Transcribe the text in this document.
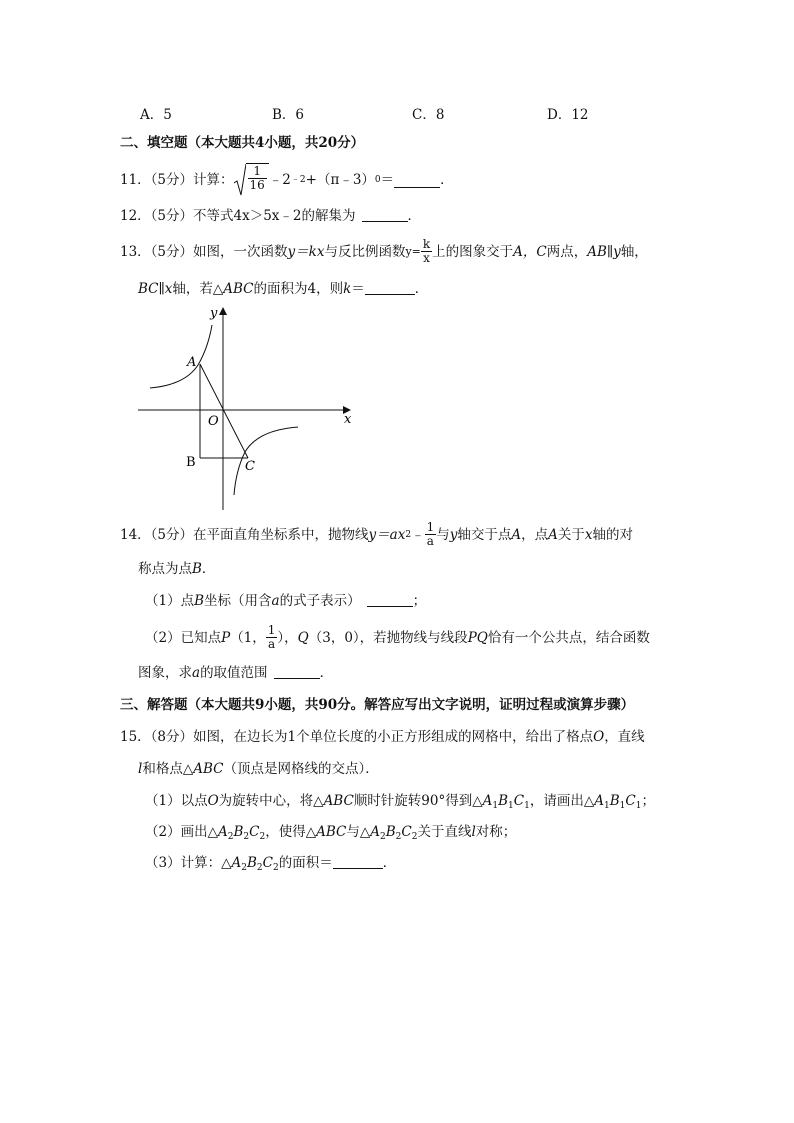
A．5	B．6	C．8	D．12
二、填空题（本大题共4小题，共20分）
11．（5分）计算： $\frac{1}{16}$ ﹣2 ﹣2 +（π﹣3） 0 ＝	．
12．（5分）不等式4x＞5x﹣2的解集为	．
13．（5分）如图，一次函数 y＝kx 与反比例函数 $y= \frac{k}{x}$ 上的图象交于 A，C 两点， AB∥y 轴，
BC∥x轴，若△ABC的面积为4，则k＝	．
y
x
O
A
B	C
14．（5分）在平面直角坐标系中，抛物线 y＝ax 2 ﹣ $\frac{1}{a}$ 与 y 轴交于点 A ，点 A 关于 x 轴的对
称点为点B．
（1）点B坐标（用含a的式子表示）	；
（2）已知点 P （1， $\frac{1}{a}$ ）， Q （3，0），若抛物线与线段 PQ 恰有一个公共点，结合函数
图象，求a的取值范围	．
三、解答题（本大题共9小题，共90分。解答应写出文字说明，证明过程或演算步骤）
15．（8分）如图，在边长为1个单位长度的小正方形组成的网格中，给出了格点O，直线
l和格点△ABC（顶点是网格线的交点）．
（1）以点O为旋转中心，将△ABC顺时针旋转90°得到$\triangle A_1B_1C_1$，请画出$\triangle A_1B_1C_1$；
（2）画出$\triangle A_2B_2C_2$，使得△ABC与$\triangle A_2B_2C_2$关于直线l对称；
（3）计算：$\triangle A_2B_2C_2$的面积＝	．
